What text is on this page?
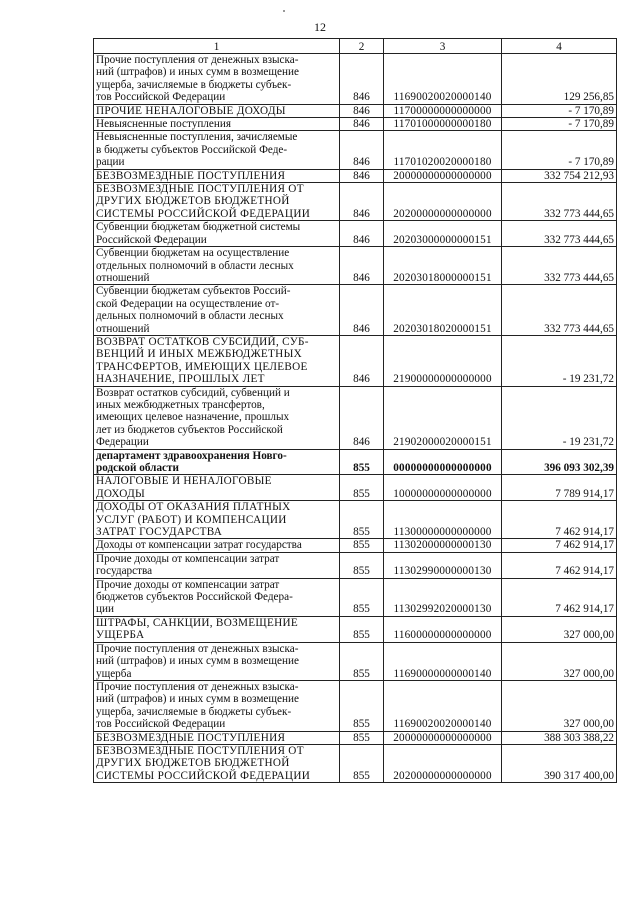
12
1	2	3	4
Прочие поступления от денежных взыска-
ний (штрафов) и иных сумм в возмещение
ущерба, зачисляемые в бюджеты субъек-
тов Российской Федерации	846	11690020020000140	129 256,85
ПРОЧИЕ НЕНАЛОГОВЫЕ ДОХОДЫ	846	11700000000000000	- 7 170,89
Невыясненные поступления	846	11701000000000180	- 7 170,89
Невыясненные поступления, зачисляемые
в бюджеты субъектов Российской Феде-
рации	846	11701020020000180	- 7 170,89
БЕЗВОЗМЕЗДНЫЕ ПОСТУПЛЕНИЯ	846	20000000000000000	332 754 212,93
БЕЗВОЗМЕЗДНЫЕ ПОСТУПЛЕНИЯ ОТ
ДРУГИХ БЮДЖЕТОВ БЮДЖЕТНОЙ
СИСТЕМЫ РОССИЙСКОЙ ФЕДЕРАЦИИ	846	20200000000000000	332 773 444,65
Субвенции бюджетам бюджетной системы
Российской Федерации	846	20203000000000151	332 773 444,65
Субвенции бюджетам на осуществление
отдельных полномочий в области лесных
отношений	846	20203018000000151	332 773 444,65
Субвенции бюджетам субъектов Россий-
ской Федерации на осуществление от-
дельных полномочий в области лесных
отношений	846	20203018020000151	332 773 444,65
ВОЗВРАТ ОСТАТКОВ СУБСИДИЙ, СУБ-
ВЕНЦИЙ И ИНЫХ МЕЖБЮДЖЕТНЫХ
ТРАНСФЕРТОВ, ИМЕЮЩИХ ЦЕЛЕВОЕ
НАЗНАЧЕНИЕ, ПРОШЛЫХ ЛЕТ	846	21900000000000000	- 19 231,72
Возврат остатков субсидий, субвенций и
иных межбюджетных трансфертов,
имеющих целевое назначение, прошлых
лет из бюджетов субъектов Российской
Федерации	846	21902000020000151	- 19 231,72
департамент здравоохранения Новго-
родской области	855	00000000000000000	396 093 302,39
НАЛОГОВЫЕ И НЕНАЛОГОВЫЕ
ДОХОДЫ	855	10000000000000000	7 789 914,17
ДОХОДЫ ОТ ОКАЗАНИЯ ПЛАТНЫХ
УСЛУГ (РАБОТ) И КОМПЕНСАЦИИ
ЗАТРАТ ГОСУДАРСТВА	855	11300000000000000	7 462 914,17
Доходы от компенсации затрат государства	855	11302000000000130	7 462 914,17
Прочие доходы от компенсации затрат
государства	855	11302990000000130	7 462 914,17
Прочие доходы от компенсации затрат
бюджетов субъектов Российской Федера-
ции	855	11302992020000130	7 462 914,17
ШТРАФЫ, САНКЦИИ, ВОЗМЕЩЕНИЕ
УЩЕРБА	855	11600000000000000	327 000,00
Прочие поступления от денежных взыска-
ний (штрафов) и иных сумм в возмещение
ущерба	855	11690000000000140	327 000,00
Прочие поступления от денежных взыска-
ний (штрафов) и иных сумм в возмещение
ущерба, зачисляемые в бюджеты субъек-
тов Российской Федерации	855	11690020020000140	327 000,00
БЕЗВОЗМЕЗДНЫЕ ПОСТУПЛЕНИЯ	855	20000000000000000	388 303 388,22
БЕЗВОЗМЕЗДНЫЕ ПОСТУПЛЕНИЯ ОТ
ДРУГИХ БЮДЖЕТОВ БЮДЖЕТНОЙ
СИСТЕМЫ РОССИЙСКОЙ ФЕДЕРАЦИИ	855	20200000000000000	390 317 400,00
